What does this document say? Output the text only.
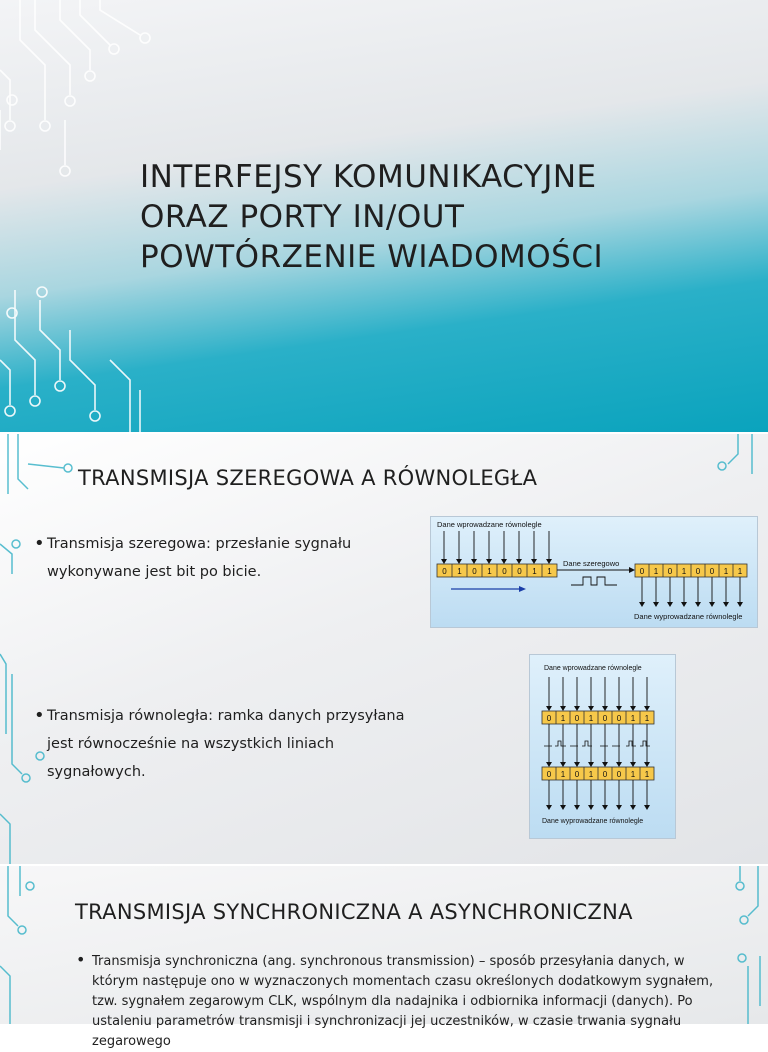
INTERFEJSY KOMUNIKACYJNE
ORAZ PORTY IN/OUT
POWTÓRZENIE WIADOMOŚCI
TRANSMISJA SZEREGOWA A RÓWNOLEGŁA
• Transmisja szeregowa: przesłanie sygnału wykonywane jest bit po bicie.
• Transmisja równoległa: ramka danych przysyłana jest równocześnie na wszystkich liniach sygnałowych.
Dane wprowadzane równolegle
0 1 0 1 0 0 1 1
Dane szeregowo
0 1 0 1 0 0 1 1
Dane wyprowadzane równolegle
Dane wprowadzane równolegle
0 1 0 1 0 0 1 1
0 1 0 1 0 0 1 1
Dane wyprowadzane równolegle
TRANSMISJA SYNCHRONICZNA A ASYNCHRONICZNA
• Transmisja synchroniczna (ang. synchronous transmission) – sposób przesyłania danych, w którym następuje ono w wyznaczonych momentach czasu określonych dodatkowym sygnałem, tzw. sygnałem zegarowym CLK, wspólnym dla nadajnika i odbiornika informacji (danych). Po ustaleniu parametrów transmisji i synchronizacji jej uczestników, w czasie trwania sygnału zegarowego
